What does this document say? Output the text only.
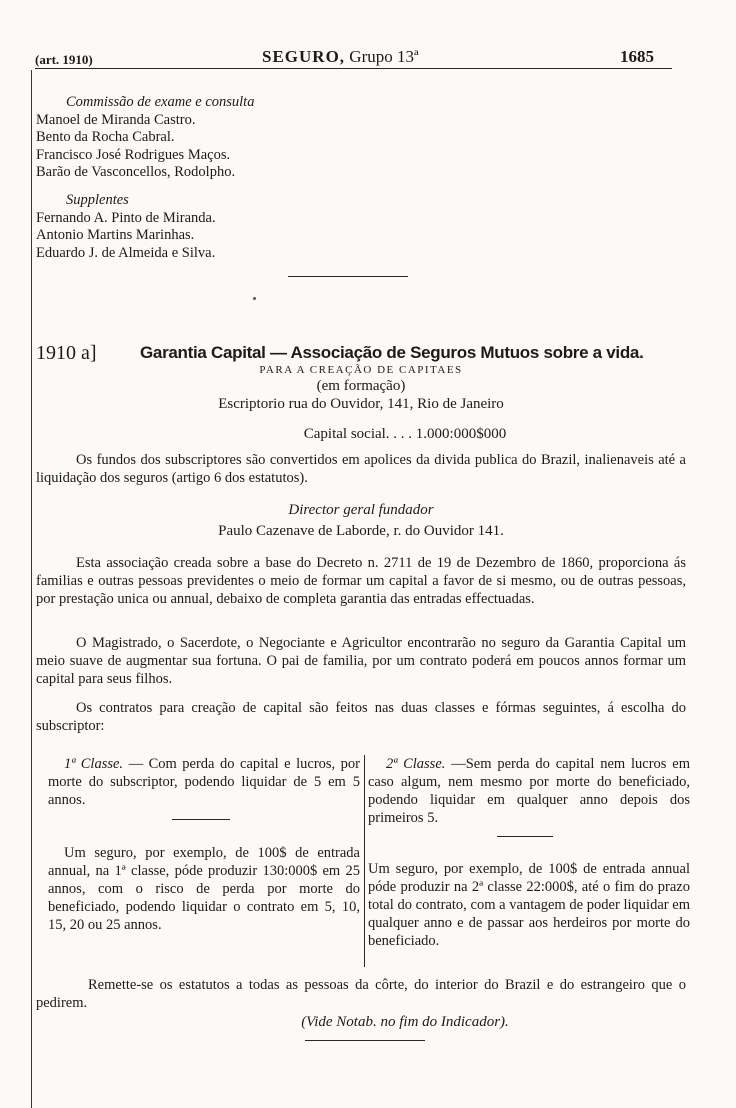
(art. 1910)	SEGURO, Grupo 13ª	1685
Commissão de exame e consulta
Manoel de Miranda Castro.
Bento da Rocha Cabral.
Francisco José Rodrigues Maços.
Barão de Vasconcellos, Rodolpho.
Supplentes
Fernando A. Pinto de Miranda.
Antonio Martins Marinhas.
Eduardo J. de Almeida e Silva.
1910 a]	Garantia Capital — Associação de Seguros Mutuos sobre a vida.
PARA A CREAÇÃO DE CAPITAES
(em formação)
Escriptorio rua do Ouvidor, 141, Rio de Janeiro
Capital social. . . . 1.000:000$000
Os fundos dos subscriptores são convertidos em apolices da divida publica do Brazil, inalienaveis até a liquidação dos seguros (artigo 6 dos estatutos).
Director geral fundador
Paulo Cazenave de Laborde, r. do Ouvidor 141.
Esta associação creada sobre a base do Decreto n. 2711 de 19 de Dezembro de 1860, proporciona ás familias e outras pessoas previdentes o meio de formar um capital a favor de si mesmo, ou de outras pessoas, por prestação unica ou annual, debaixo de completa garantia das entradas effectuadas.
O Magistrado, o Sacerdote, o Negociante e Agricultor encontrarão no seguro da Garantia Capital um meio suave de augmentar sua fortuna. O pai de familia, por um contrato poderá em poucos annos formar um capital para seus filhos.
Os contratos para creação de capital são feitos nas duas classes e fórmas seguintes, á escolha do subscriptor:
1ª Classe. — Com perda do capital e lucros, por morte do subscriptor, podendo liquidar de 5 em 5 annos.
Um seguro, por exemplo, de 100$ de entrada annual, na 1ª classe, póde produzir 130:000$ em 25 annos, com o risco de perda por morte do beneficiado, podendo liquidar o contrato em 5, 10, 15, 20 ou 25 annos.
2ª Classe. —Sem perda do capital nem lucros em caso algum, nem mesmo por morte do beneficiado, podendo liquidar em qualquer anno depois dos primeiros 5.
Um seguro, por exemplo, de 100$ de entrada annual póde produzir na 2ª classe 22:000$, até o fim do prazo total do contrato, com a vantagem de poder liquidar em qualquer anno e de passar aos herdeiros por morte do beneficiado.
Remette-se os estatutos a todas as pessoas da côrte, do interior do Brazil e do estrangeiro que o pedirem.
(Vide Notab. no fim do Indicador).
